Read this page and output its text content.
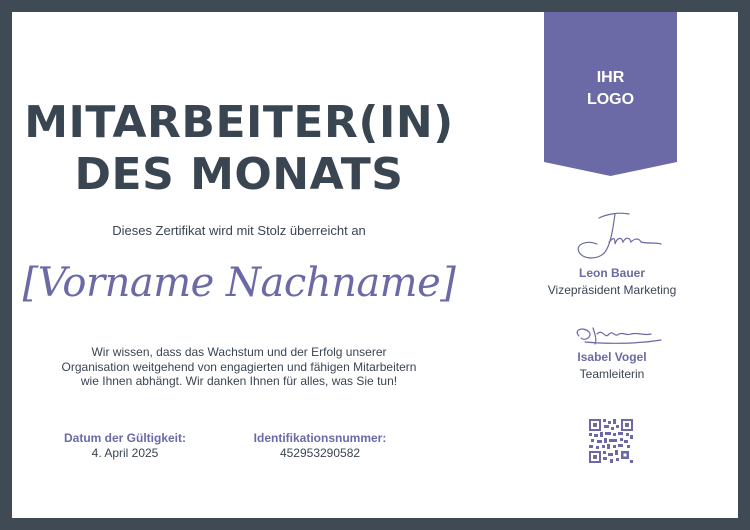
MITARBEITER(IN)
DES MONATS
Dieses Zertifikat wird mit Stolz überreicht an
[Vorname Nachname]
Wir wissen, dass das Wachstum und der Erfolg unserer Organisation weitgehend von engagierten und fähigen Mitarbeitern wie Ihnen abhängt. Wir danken Ihnen für alles, was Sie tun!
Datum der Gültigkeit:
4. April 2025
Identifikationsnummer:
452953290582
IHR
LOGO
Leon Bauer
Vizepräsident Marketing
Isabel Vogel
Teamleiterin
